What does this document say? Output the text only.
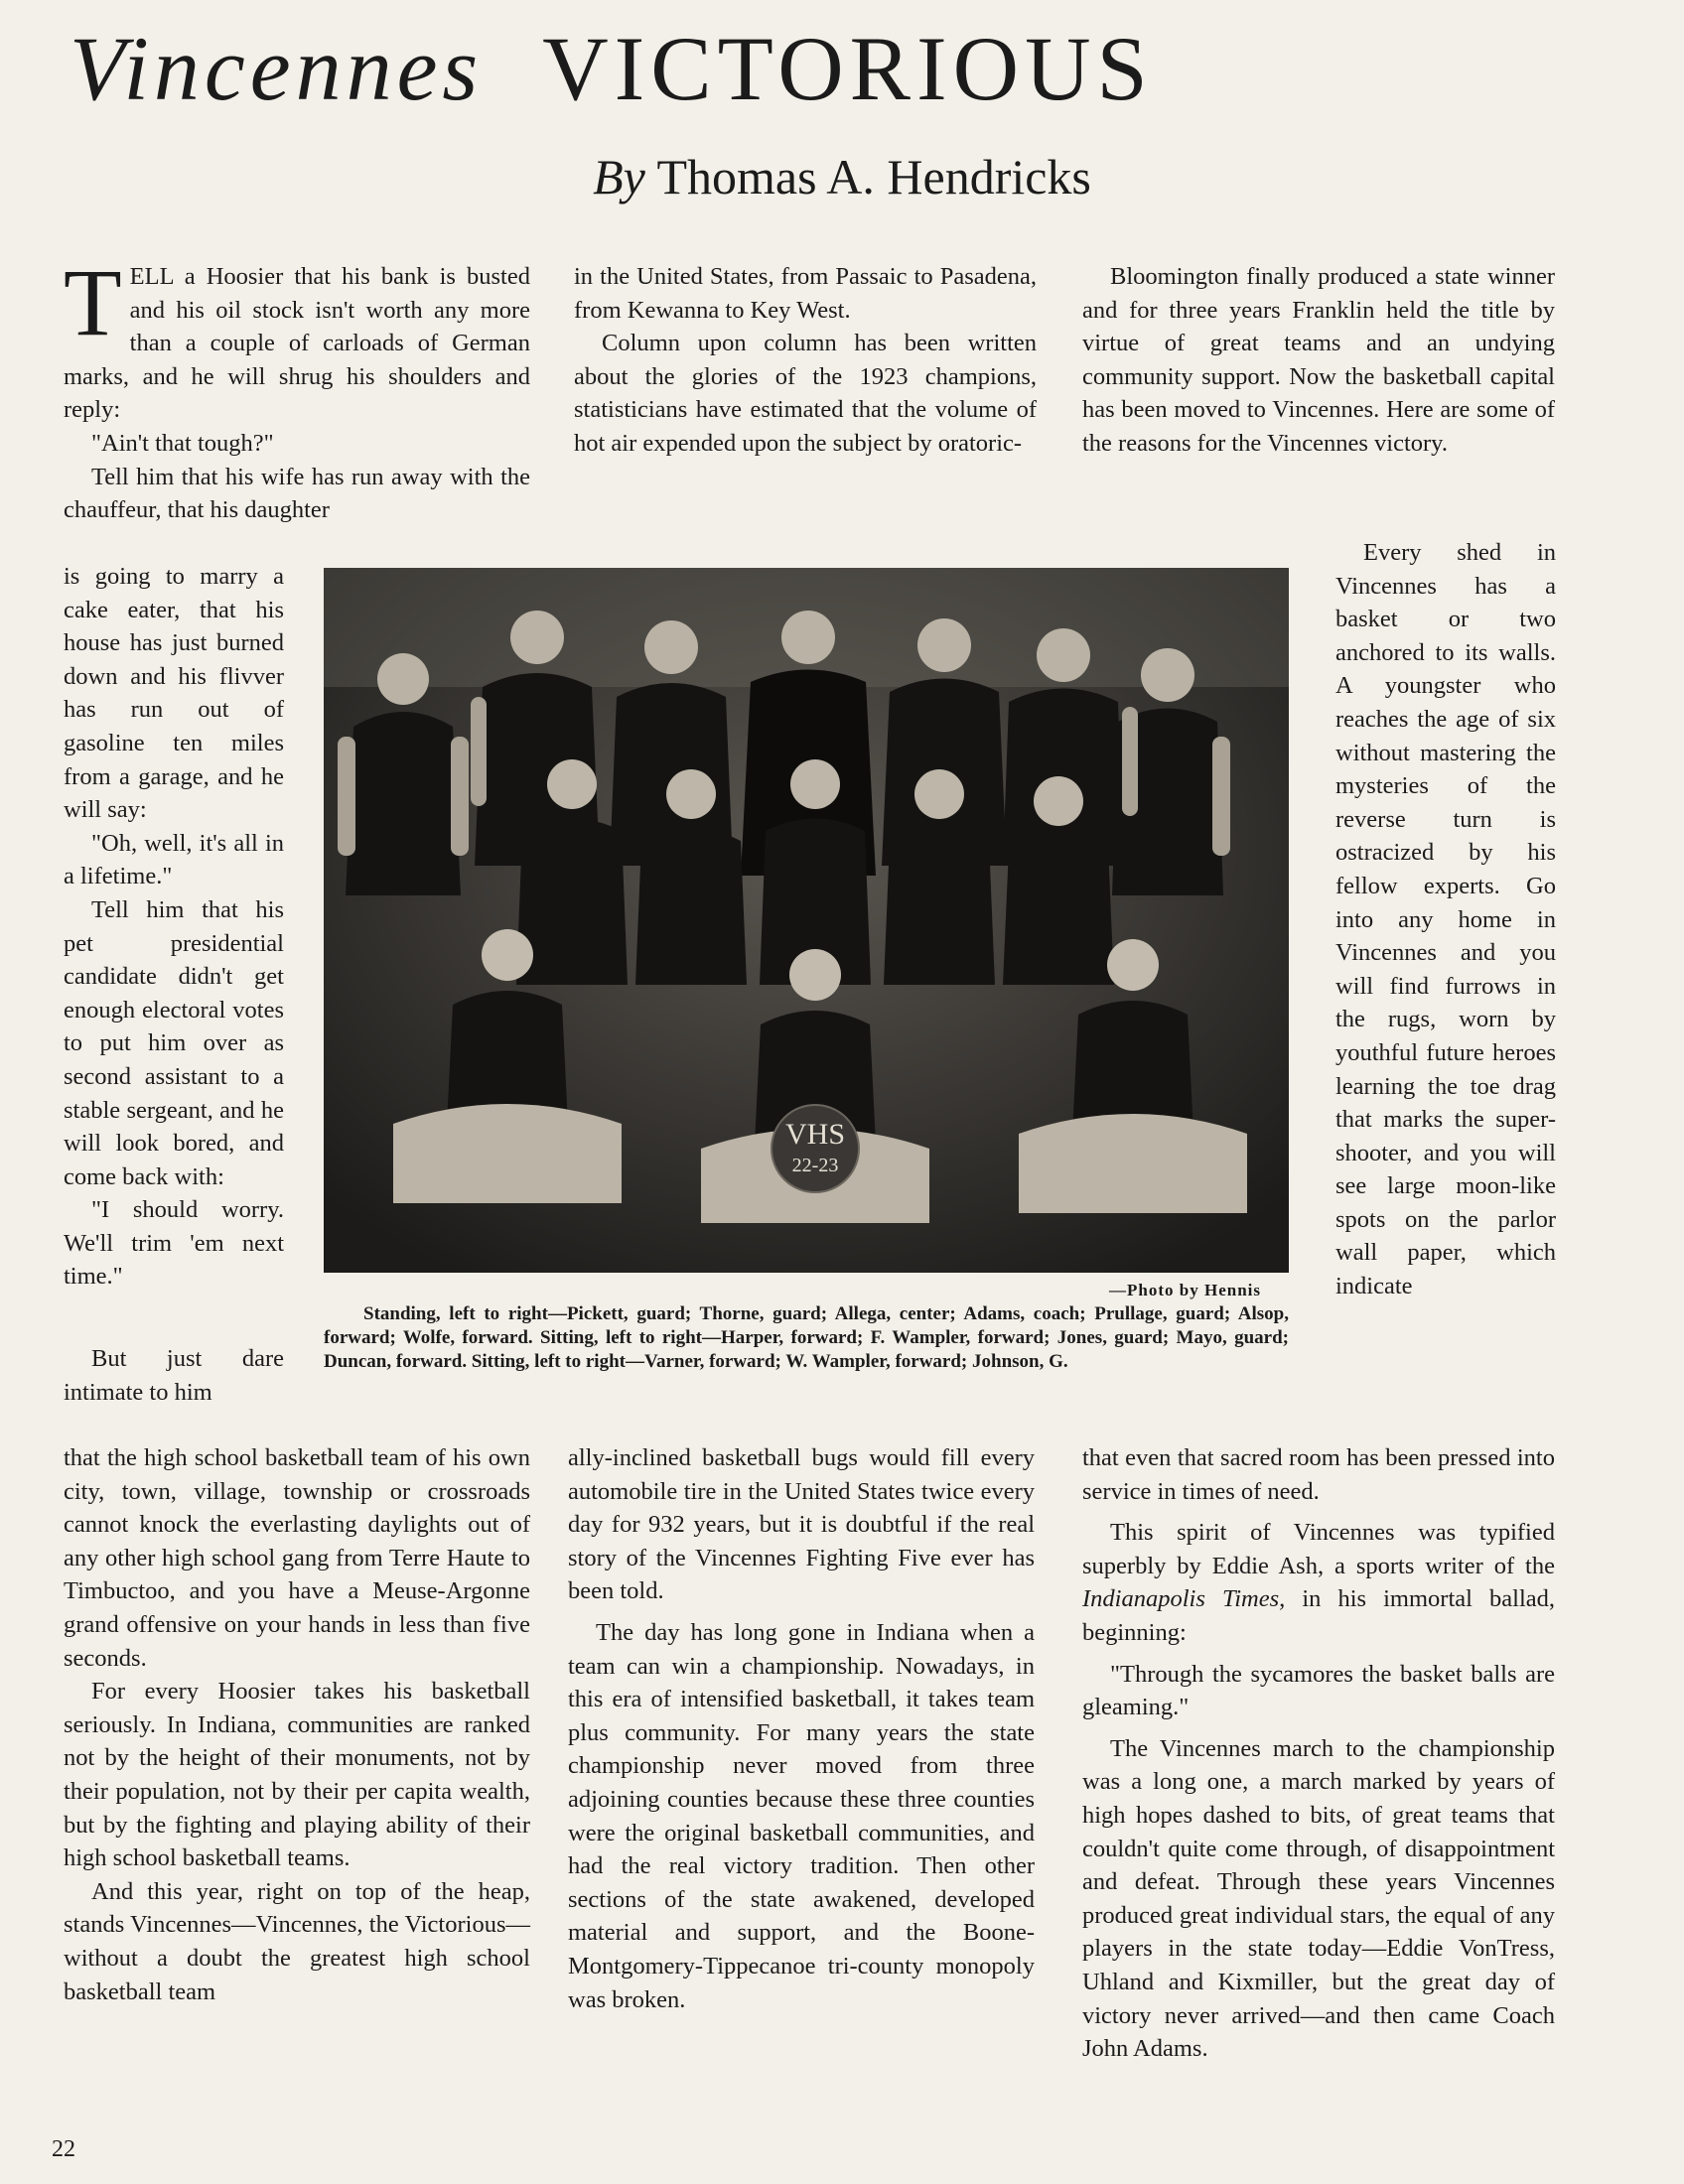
Vincennes VICTORIOUS
By Thomas A. Hendricks

TELL a Hoosier that his bank is busted and his oil stock isn't worth any more than a couple of carloads of German marks, and he will shrug his shoulders and reply:

"Ain't that tough?"

Tell him that his wife has run away with the chauffeur, that his daughter

is going to marry a cake eater, that his house has just burned down and his flivver has run out of gasoline ten miles from a garage, and he will say:

"Oh, well, it's all in a lifetime."

Tell him that his pet presidential candidate didn't get enough electoral votes to put him over as second assistant to a stable sergeant, and he will look bored, and come back with:

"I should worry. We'll trim 'em next time."

But just dare intimate to him

that the high school basketball team of his own city, town, village, township or crossroads cannot knock the everlasting daylights out of any other high school gang from Terre Haute to Timbuctoo, and you have a Meuse-Argonne grand offensive on your hands in less than five seconds.

For every Hoosier takes his basketball seriously. In Indiana, communities are ranked not by the height of their monuments, not by their population, not by their per capita wealth, but by the fighting and playing ability of their high school basketball teams.

And this year, right on top of the heap, stands Vincennes—Vincennes, the Victorious—without a doubt the greatest high school basketball team

in the United States, from Passaic to Pasadena, from Kewanna to Key West.

Column upon column has been written about the glories of the 1923 champions, statisticians have estimated that the volume of hot air expended upon the subject by oratoric-

ally-inclined basketball bugs would fill every automobile tire in the United States twice every day for 932 years, but it is doubtful if the real story of the Vincennes Fighting Five ever has been told.

The day has long gone in Indiana when a team can win a championship. Nowadays, in this era of intensified basketball, it takes team plus community. For many years the state championship never moved from three adjoining counties because these three counties were the original basketball communities, and had the real victory tradition. Then other sections of the state awakened, developed material and support, and the Boone-Montgomery-Tippecanoe tri-county monopoly was broken.

Bloomington finally produced a state winner and for three years Franklin held the title by virtue of great teams and an undying community support. Now the basketball capital has been moved to Vincennes. Here are some of the reasons for the Vincennes victory.

Every shed in Vincennes has a basket or two anchored to its walls. A youngster who reaches the age of six without mastering the mysteries of the reverse turn is ostracized by his fellow experts. Go into any home in Vincennes and you will find furrows in the rugs, worn by youthful future heroes learning the toe drag that marks the super-shooter, and you will see large moon-like spots on the parlor wall paper, which indicate

that even that sacred room has been pressed into service in times of need.

This spirit of Vincennes was typified superbly by Eddie Ash, a sports writer of the Indianapolis Times, in his immortal ballad, beginning:

"Through the sycamores the basket balls are gleaming."

The Vincennes march to the championship was a long one, a march marked by years of high hopes dashed to bits, of great teams that couldn't quite come through, of disappointment and defeat. Through these years Vincennes produced great individual stars, the equal of any players in the state today—Eddie VonTress, Uhland and Kixmiller, but the great day of victory never arrived—and then came Coach John Adams.

VHS
22-23
—Photo by Hennis
Standing, left to right—Pickett, guard; Thorne, guard; Allega, center; Adams, coach; Prullage, guard; Alsop, forward; Wolfe, forward. Sitting, left to right—Harper, forward; F. Wampler, forward; Jones, guard; Mayo, guard; Duncan, forward. Sitting, left to right—Varner, forward; W. Wampler, forward; Johnson, G.
22
